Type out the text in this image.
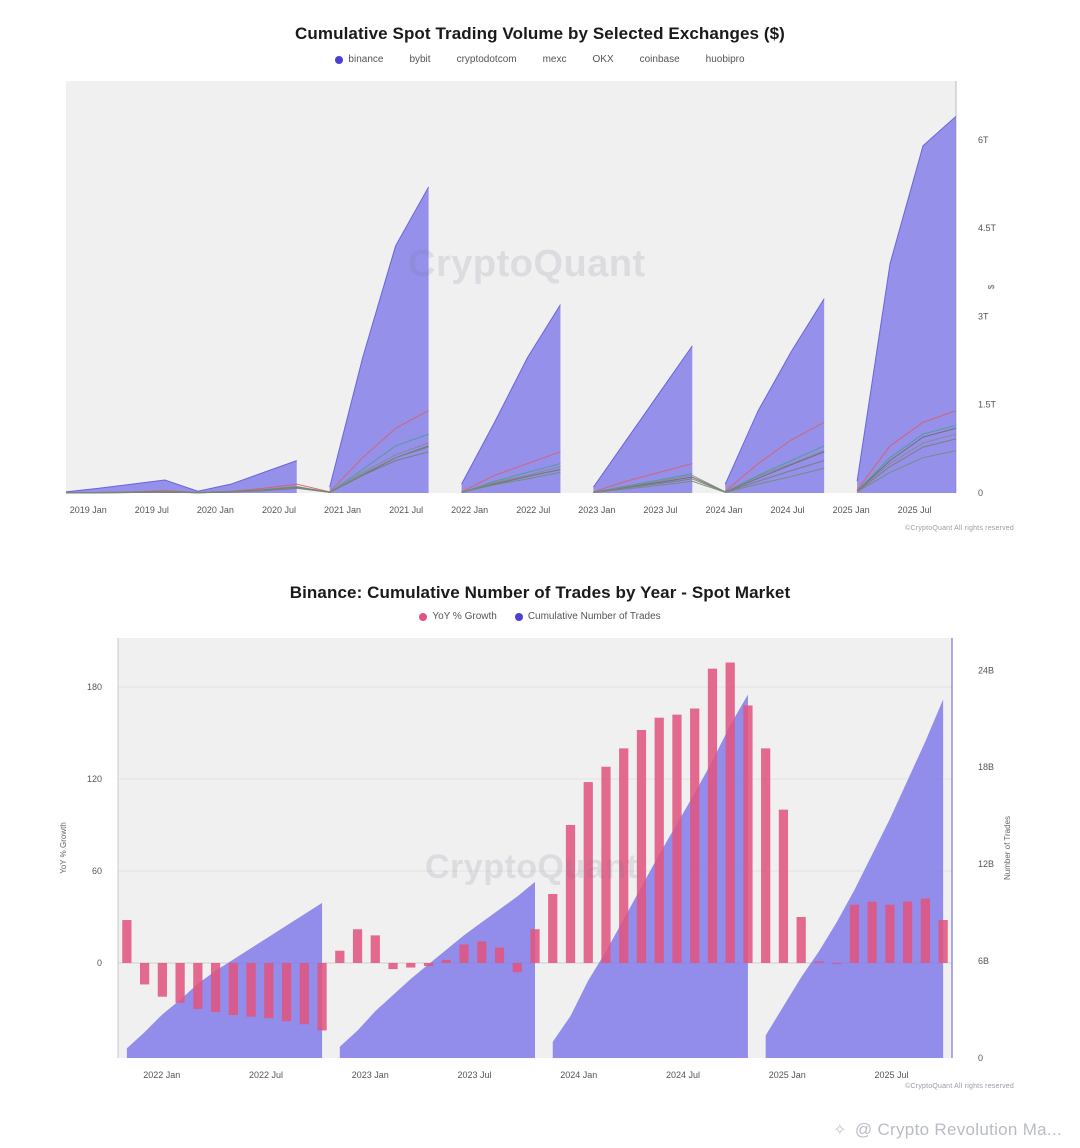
Cumulative Spot Trading Volume by Selected Exchanges ($)
binance	bybit	cryptodotcom	mexc	OKX	coinbase	huobipro
0
1.5T
3T
4.5T
6T
$
2019 Jan	2019 Jul	2020 Jan	2020 Jul	2021 Jan	2021 Jul	2022 Jan	2022 Jul	2023 Jan	2023 Jul	2024 Jan	2024 Jul	2025 Jan	2025 Jul
©CryptoQuant All rights reserved
Binance: Cumulative Number of Trades by Year - Spot Market
YoY % Growth	Cumulative Number of Trades
0
60
120
180
0
6B
12B
18B
24B
YoY % Growth	Number of Trades
2022 Jan	2022 Jul	2023 Jan	2023 Jul	2024 Jan	2024 Jul	2025 Jan	2025 Jul
©CryptoQuant All rights reserved
✧ @ Crypto Revolution Ma...
